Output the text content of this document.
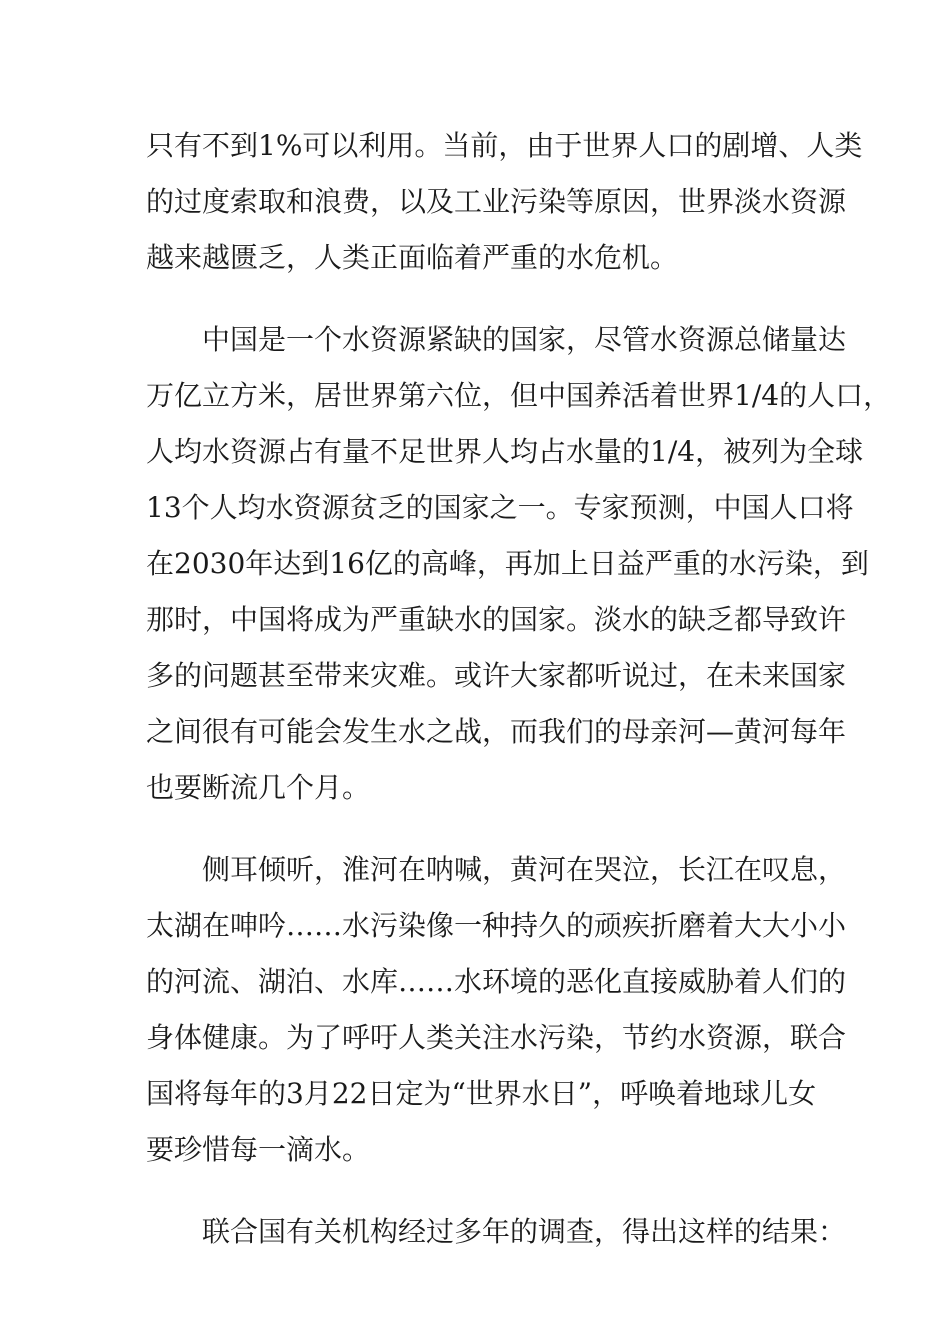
只有不到1%可以利用。当前，由于世界人口的剧增、人类
的过度索取和浪费，以及工业污染等原因，世界淡水资源
越来越匮乏，人类正面临着严重的水危机。
中国是一个水资源紧缺的国家，尽管水资源总储量达
万亿立方米，居世界第六位，但中国养活着世界1/4的人口，
人均水资源占有量不足世界人均占水量的1/4，被列为全球
13个人均水资源贫乏的国家之一。专家预测，中国人口将
在2030年达到16亿的高峰，再加上日益严重的水污染，到
那时，中国将成为严重缺水的国家。淡水的缺乏都导致许
多的问题甚至带来灾难。或许大家都听说过，在未来国家
之间很有可能会发生水之战，而我们的母亲河—黄河每年
也要断流几个月。
侧耳倾听，淮河在呐喊，黄河在哭泣，长江在叹息，
太湖在呻吟……水污染像一种持久的顽疾折磨着大大小小
的河流、湖泊、水库……水环境的恶化直接威胁着人们的
身体健康。为了呼吁人类关注水污染，节约水资源，联合
国将每年的3月22日定为“世界水日”，呼唤着地球儿女
要珍惜每一滴水。
联合国有关机构经过多年的调查，得出这样的结果：
